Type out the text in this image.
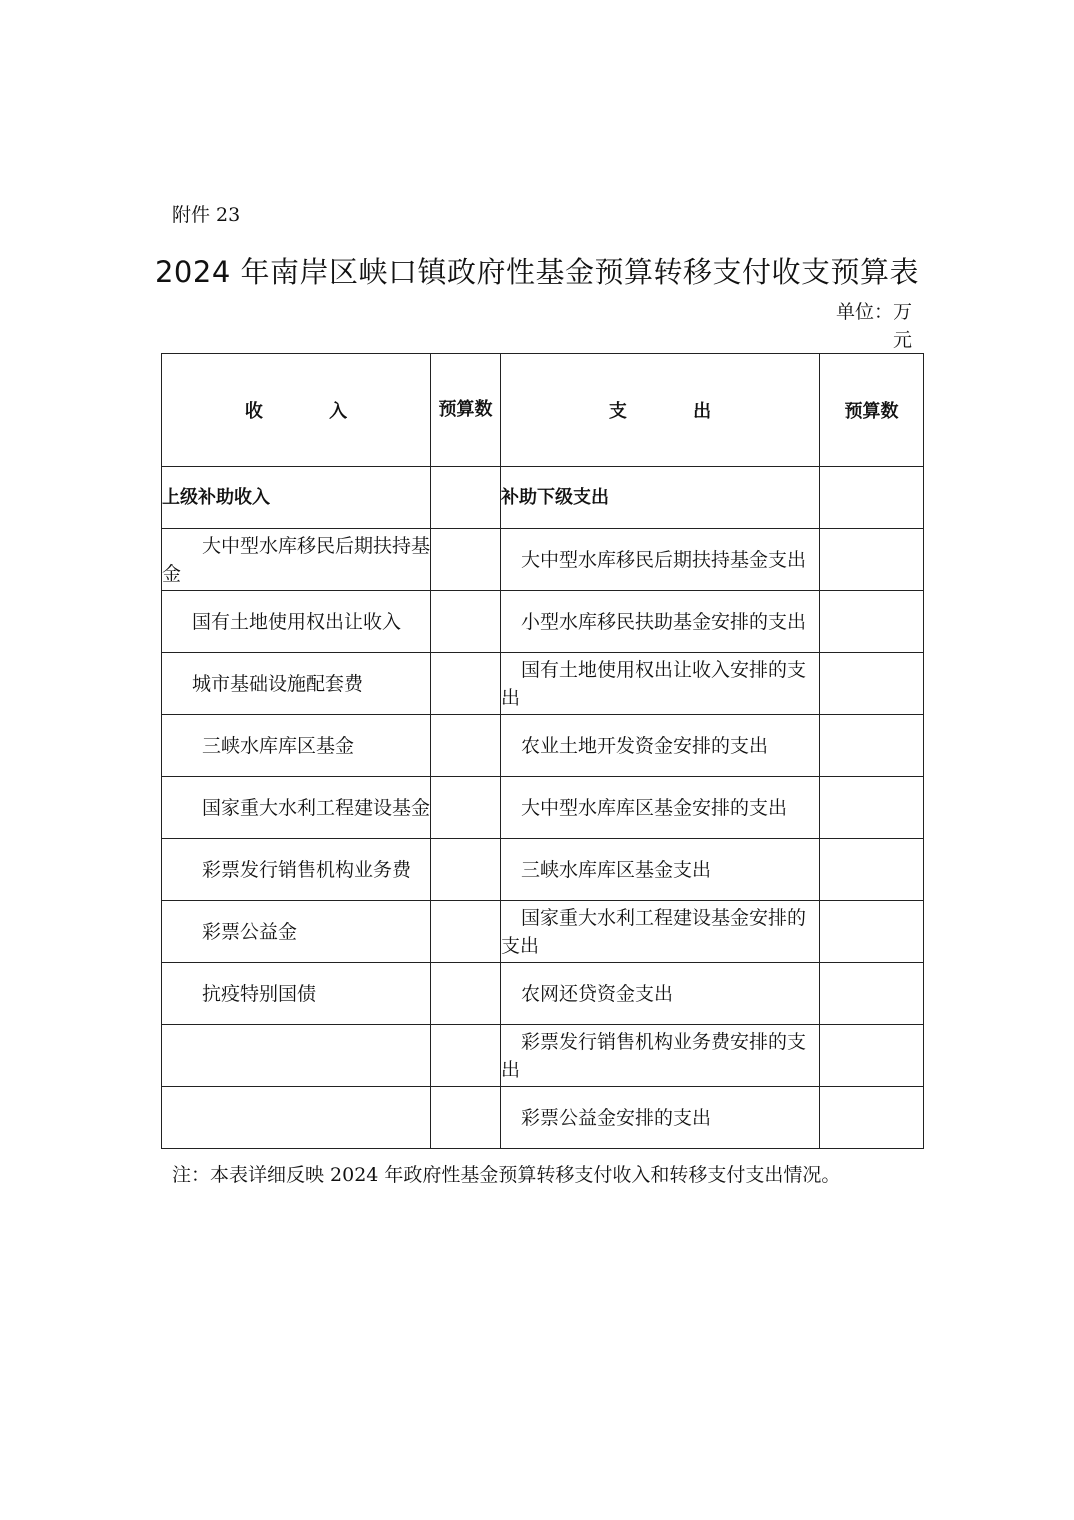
附件 23
2024 年南岸区峡口镇政府性基金预算转移支付收支预算表
单位：万元
收 入	预算数	支 出	预算数
上级补助收入		补助下级支出	
大中型水库移民后期扶持基金		大中型水库移民后期扶持基金支出	
国有土地使用权出让收入		小型水库移民扶助基金安排的支出	
城市基础设施配套费		国有土地使用权出让收入安排的支出	
三峡水库库区基金		农业土地开发资金安排的支出	
国家重大水利工程建设基金		大中型水库库区基金安排的支出	
彩票发行销售机构业务费		三峡水库库区基金支出	
彩票公益金		国家重大水利工程建设基金安排的支出	
抗疫特别国债		农网还贷资金支出	
		彩票发行销售机构业务费安排的支出	
		彩票公益金安排的支出	
注：本表详细反映 2024 年政府性基金预算转移支付收入和转移支付支出情况。
